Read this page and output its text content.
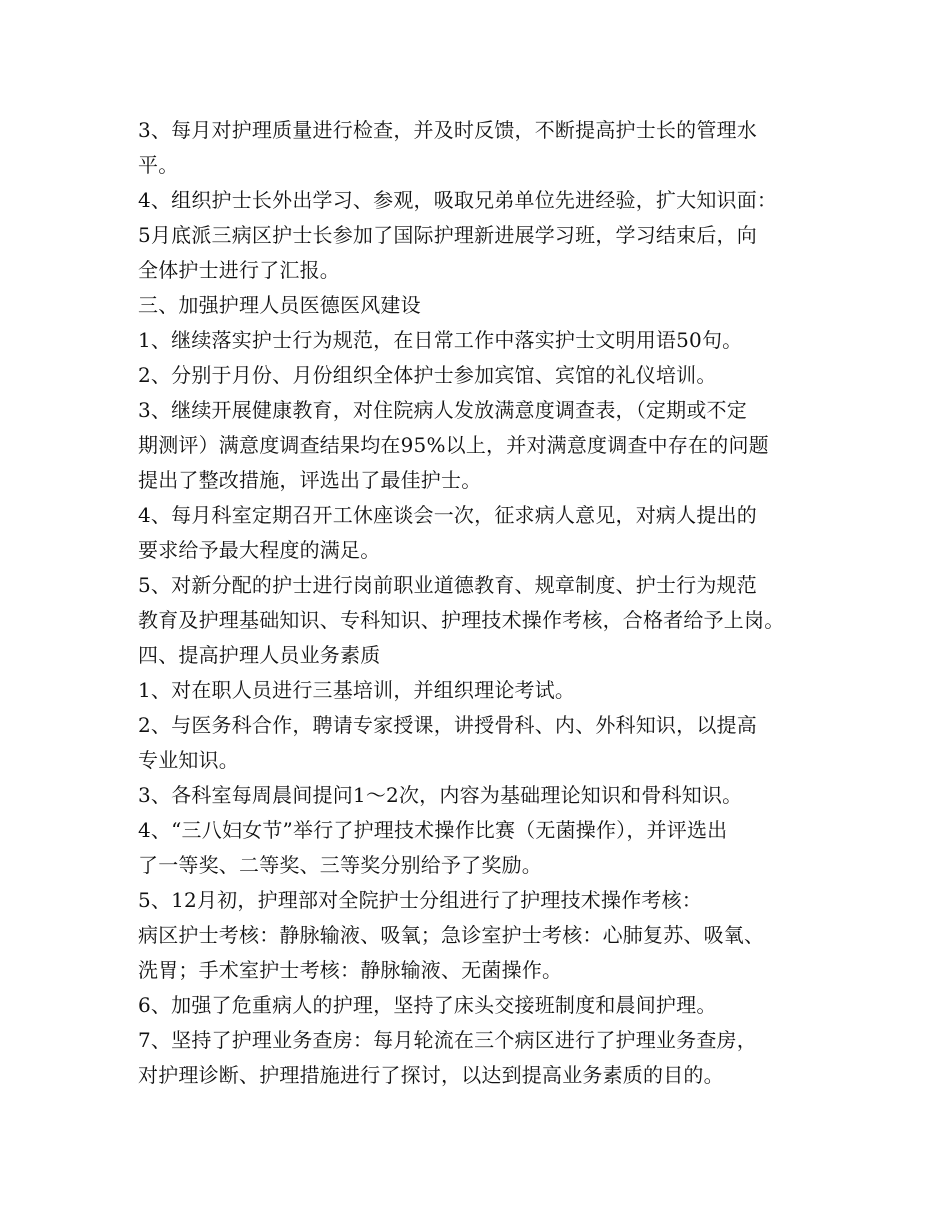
3、每月对护理质量进行检查，并及时反馈，不断提高护士长的管理水
平。
4、组织护士长外出学习、参观，吸取兄弟单位先进经验，扩大知识面：
5月底派三病区护士长参加了国际护理新进展学习班，学习结束后，向
全体护士进行了汇报。
三、加强护理人员医德医风建设
1、继续落实护士行为规范，在日常工作中落实护士文明用语50句。
2、分别于月份、月份组织全体护士参加宾馆、宾馆的礼仪培训。
3、继续开展健康教育，对住院病人发放满意度调查表，（定期或不定
期测评）满意度调查结果均在95%以上，并对满意度调查中存在的问题
提出了整改措施，评选出了最佳护士。
4、每月科室定期召开工休座谈会一次，征求病人意见，对病人提出的
要求给予最大程度的满足。
5、对新分配的护士进行岗前职业道德教育、规章制度、护士行为规范
教育及护理基础知识、专科知识、护理技术操作考核，合格者给予上岗。
四、提高护理人员业务素质
1、对在职人员进行三基培训，并组织理论考试。
2、与医务科合作，聘请专家授课，讲授骨科、内、外科知识，以提高
专业知识。
3、各科室每周晨间提问1～2次，内容为基础理论知识和骨科知识。
4、“三八妇女节”举行了护理技术操作比赛（无菌操作），并评选出
了一等奖、二等奖、三等奖分别给予了奖励。
5、12月初，护理部对全院护士分组进行了护理技术操作考核：
病区护士考核：静脉输液、吸氧；急诊室护士考核：心肺复苏、吸氧、
洗胃；手术室护士考核：静脉输液、无菌操作。
6、加强了危重病人的护理，坚持了床头交接班制度和晨间护理。
7、坚持了护理业务查房：每月轮流在三个病区进行了护理业务查房，
对护理诊断、护理措施进行了探讨，以达到提高业务素质的目的。
